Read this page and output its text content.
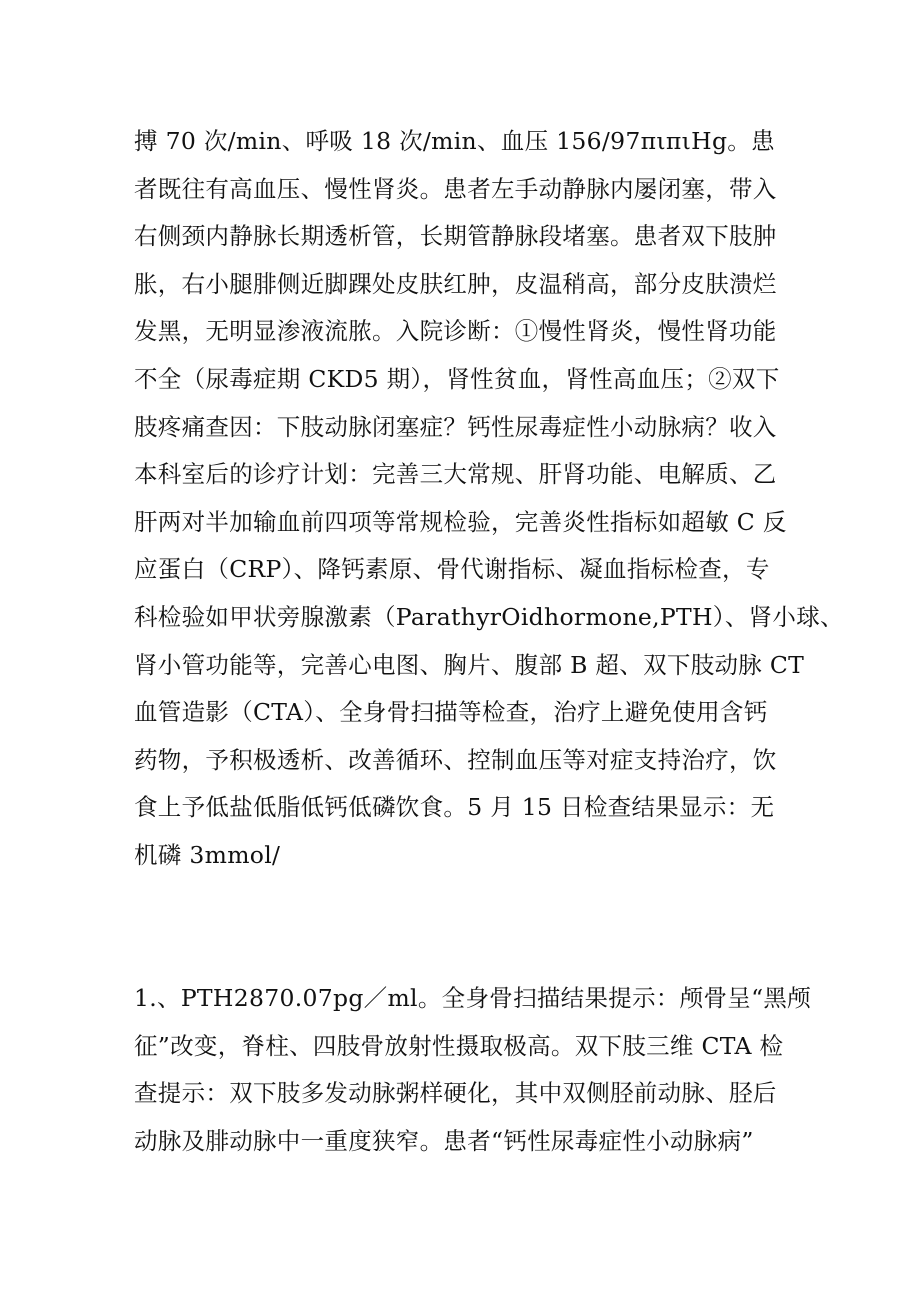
搏 70 次/min、呼吸 18 次/min、血压 156/97πιπιHg。患
者既往有高血压、慢性肾炎。患者左手动静脉内屡闭塞，带入
右侧颈内静脉长期透析管，长期管静脉段堵塞。患者双下肢肿
胀，右小腿腓侧近脚踝处皮肤红肿，皮温稍高，部分皮肤溃烂
发黑，无明显渗液流脓。入院诊断：①慢性肾炎，慢性肾功能
不全（尿毒症期 CKD5 期），肾性贫血，肾性高血压；②双下
肢疼痛查因：下肢动脉闭塞症？钙性尿毒症性小动脉病？收入
本科室后的诊疗计划：完善三大常规、肝肾功能、电解质、乙
肝两对半加输血前四项等常规检验，完善炎性指标如超敏 C 反
应蛋白（CRP）、降钙素原、骨代谢指标、凝血指标检查，专
科检验如甲状旁腺激素（ParathyrOidhormone,PTH）、肾小球、
肾小管功能等，完善心电图、胸片、腹部 B 超、双下肢动脉 CT
血管造影（CTA）、全身骨扫描等检查，治疗上避免使用含钙
药物，予积极透析、改善循环、控制血压等对症支持治疗，饮
食上予低盐低脂低钙低磷饮食。5 月 15 日检查结果显示：无
机磷 3mmol/
1.、PTH2870.07pg／ml。全身骨扫描结果提示：颅骨呈“黑颅
征”改变，脊柱、四肢骨放射性摄取极高。双下肢三维 CTA 检
查提示：双下肢多发动脉粥样硬化，其中双侧胫前动脉、胫后
动脉及腓动脉中一重度狭窄。患者“钙性尿毒症性小动脉病”
